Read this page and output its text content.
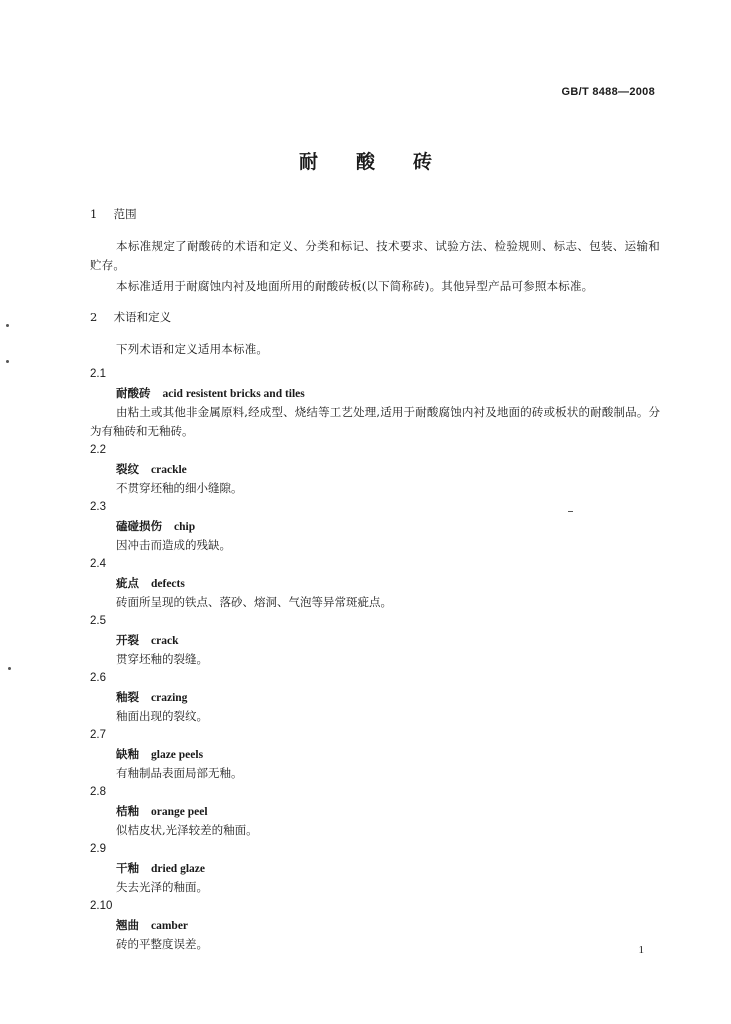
GB/T 8488—2008
耐酸砖
1 范围

本标准规定了耐酸砖的术语和定义、分类和标记、技术要求、试验方法、检验规则、标志、包装、运输和贮存。

本标准适用于耐腐蚀内衬及地面所用的耐酸砖板(以下简称砖)。其他异型产品可参照本标准。

2 术语和定义

下列术语和定义适用本标准。

2.1
耐酸砖 acid resistent bricks and tiles

由粘土或其他非金属原料,经成型、烧结等工艺处理,适用于耐酸腐蚀内衬及地面的砖或板状的耐酸制品。分为有釉砖和无釉砖。

2.2
裂纹 crackle

不贯穿坯釉的细小缝隙。

2.3
磕碰损伤 chip

因冲击而造成的残缺。

2.4
疵点 defects

砖面所呈现的铁点、落砂、熔洞、气泡等异常斑疵点。

2.5
开裂 crack

贯穿坯釉的裂缝。

2.6
釉裂 crazing

釉面出现的裂纹。

2.7
缺釉 glaze peels

有釉制品表面局部无釉。

2.8
桔釉 orange peel

似桔皮状,光泽较差的釉面。

2.9
干釉 dried glaze

失去光泽的釉面。

2.10
翘曲 camber

砖的平整度误差。	1
